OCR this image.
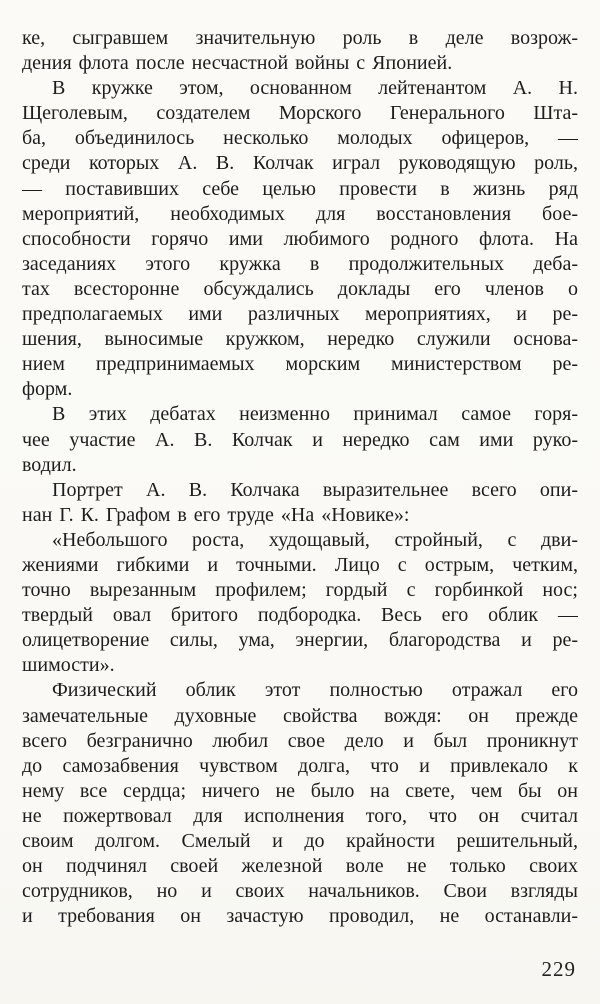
ке, сыгравшем значительную роль в деле возрож-
дения флота после несчастной войны с Японией.
В кружке этом, основанном лейтенантом А. Н.
Щеголевым, создателем Морского Генерального Шта-
ба, объединилось несколько молодых офицеров, —
среди которых А. В. Колчак играл руководящую роль,
— поставивших себе целью провести в жизнь ряд
мероприятий, необходимых для восстановления бое-
способности горячо ими любимого родного флота. На
заседаниях этого кружка в продолжительных деба-
тах всесторонне обсуждались доклады его членов о
предполагаемых ими различных мероприятиях, и ре-
шения, выносимые кружком, нередко служили основа-
нием предпринимаемых морским министерством ре-
форм.
В этих дебатах неизменно принимал самое горя-
чее участие А. В. Колчак и нередко сам ими руко-
водил.
Портрет А. В. Колчака выразительнее всего опи-
нан Г. К. Графом в его труде «На «Новике»:
«Небольшого роста, худощавый, стройный, с дви-
жениями гибкими и точными. Лицо с острым, четким,
точно вырезанным профилем; гордый с горбинкой нос;
твердый овал бритого подбородка. Весь его облик —
олицетворение силы, ума, энергии, благородства и ре-
шимости».
Физический облик этот полностью отражал его
замечательные духовные свойства вождя: он прежде
всего безгранично любил свое дело и был проникнут
до самозабвения чувством долга, что и привлекало к
нему все сердца; ничего не было на свете, чем бы он
не пожертвовал для исполнения того, что он считал
своим долгом. Смелый и до крайности решительный,
он подчинял своей железной воле не только своих
сотрудников, но и своих начальников. Свои взгляды
и требования он зачастую проводил, не останавли-
229
